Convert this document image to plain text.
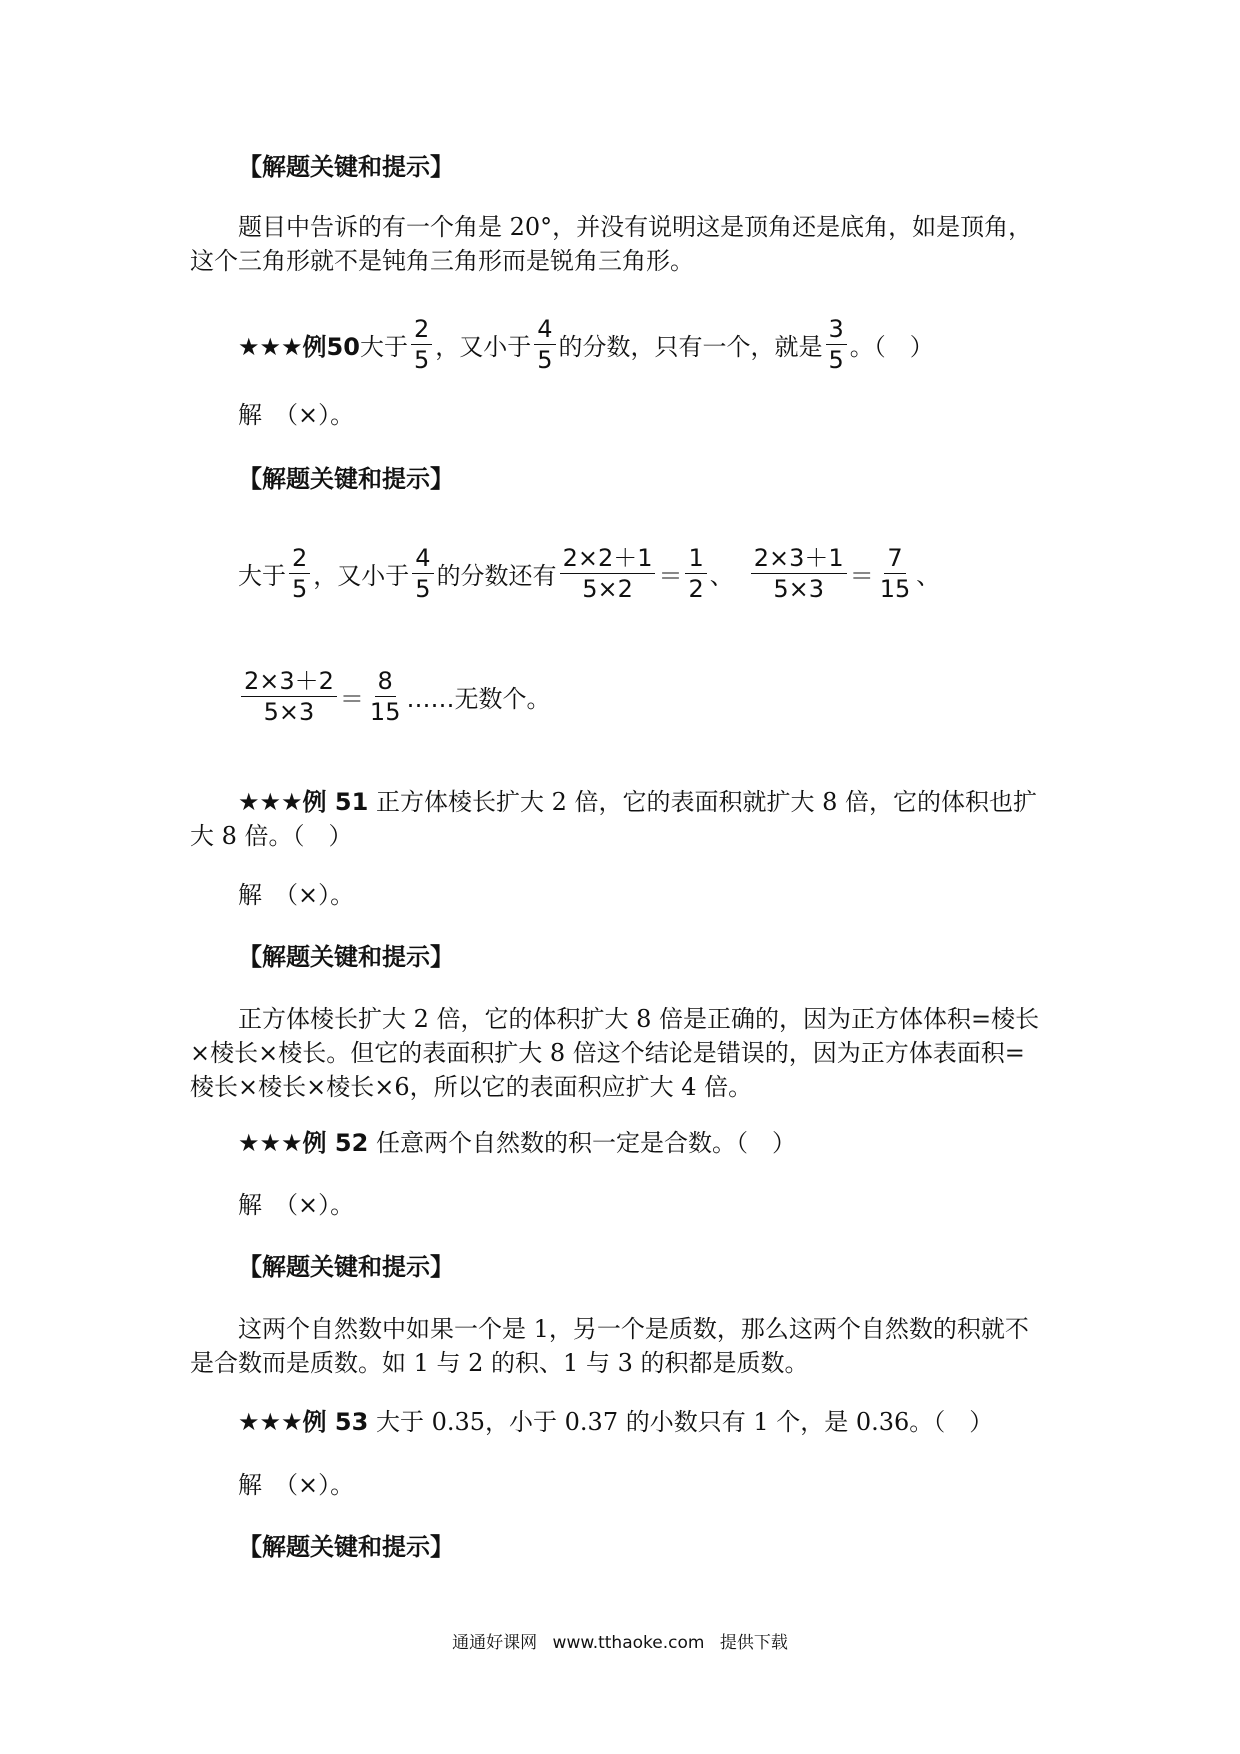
【解题关键和提示】
题目中告诉的有一个角是 20°，并没有说明这是顶角还是底角，如是顶角，
这个三角形就不是钝角三角形而是锐角三角形。
★★★例50 大于 $\frac{2}{5}$ ，又小于 $\frac{4}{5}$ 的分数，只有一个，就是 $\frac{3}{5}$ 。（　）
解　（×）。
【解题关键和提示】
大于 $\frac{2}{5}$ ，又小于 $\frac{4}{5}$ 的分数还有 $\frac{2\times 2+1}{5\times 2} = \frac{1}{2}$ 、 $\frac{2\times 3+1}{5\times 3} = \frac{7}{15}$ 、
$\frac{2\times 3+2}{5\times 3} = \frac{8}{15}$ ……无数个。
★★★例 51 正方体棱长扩大 2 倍，它的表面积就扩大 8 倍，它的体积也扩
大 8 倍。（　）
解　（×）。
【解题关键和提示】
正方体棱长扩大 2 倍，它的体积扩大 8 倍是正确的，因为正方体体积=棱长
×棱长×棱长。但它的表面积扩大 8 倍这个结论是错误的，因为正方体表面积=
棱长×棱长×棱长×6，所以它的表面积应扩大 4 倍。
★★★例 52 任意两个自然数的积一定是合数。（　）
解　（×）。
【解题关键和提示】
这两个自然数中如果一个是 1，另一个是质数，那么这两个自然数的积就不
是合数而是质数。如 1 与 2 的积、1 与 3 的积都是质数。
★★★例 53 大于 0.35，小于 0.37 的小数只有 1 个，是 0.36。（　）
解　（×）。
【解题关键和提示】
通通好课网 www.tthaoke.com 提供下载
